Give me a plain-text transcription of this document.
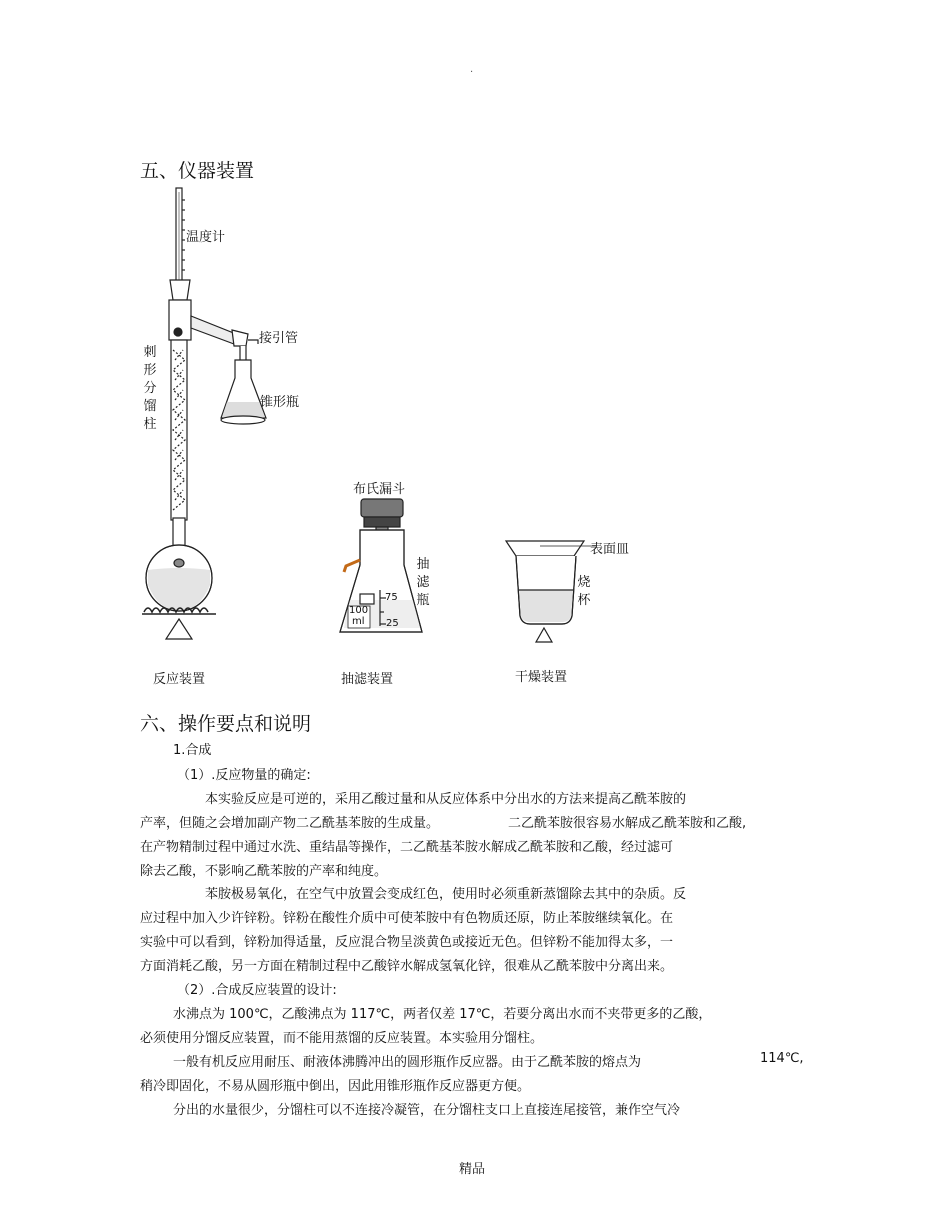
.
五、仪器装置
温度计
接引管
刺形分馏柱
锥形瓶
布氏漏斗
抽滤瓶
75
25
100
ml
表面皿
烧杯
反应装置	抽滤装置	干燥装置
六、操作要点和说明
1.合成
（1）.反应物量的确定:
本实验反应是可逆的，采用乙酸过量和从反应体系中分出水的方法来提高乙酰苯胺的
产率，但随之会增加副产物二乙酰基苯胺的生成量。	二乙酰苯胺很容易水解成乙酰苯胺和乙酸,
在产物精制过程中通过水洗、重结晶等操作，二乙酰基苯胺水解成乙酰苯胺和乙酸，经过滤可
除去乙酸，不影响乙酰苯胺的产率和纯度。
苯胺极易氧化，在空气中放置会变成红色，使用时必须重新蒸馏除去其中的杂质。反
应过程中加入少许锌粉。锌粉在酸性介质中可使苯胺中有色物质还原，防止苯胺继续氧化。在
实验中可以看到，锌粉加得适量，反应混合物呈淡黄色或接近无色。但锌粉不能加得太多，一
方面消耗乙酸，另一方面在精制过程中乙酸锌水解成氢氧化锌，很难从乙酰苯胺中分离出来。
（2）.合成反应装置的设计:
水沸点为 100℃，乙酸沸点为 117℃，两者仅差 17℃，若要分离出水而不夹带更多的乙酸，
必须使用分馏反应装置，而不能用蒸馏的反应装置。本实验用分馏柱。
一般有机反应用耐压、耐液体沸腾冲出的圆形瓶作反应器。由于乙酰苯胺的熔点为	114℃,
稍冷即固化，不易从圆形瓶中倒出，因此用锥形瓶作反应器更方便。
分出的水量很少，分馏柱可以不连接冷凝管，在分馏柱支口上直接连尾接管，兼作空气冷
精品
